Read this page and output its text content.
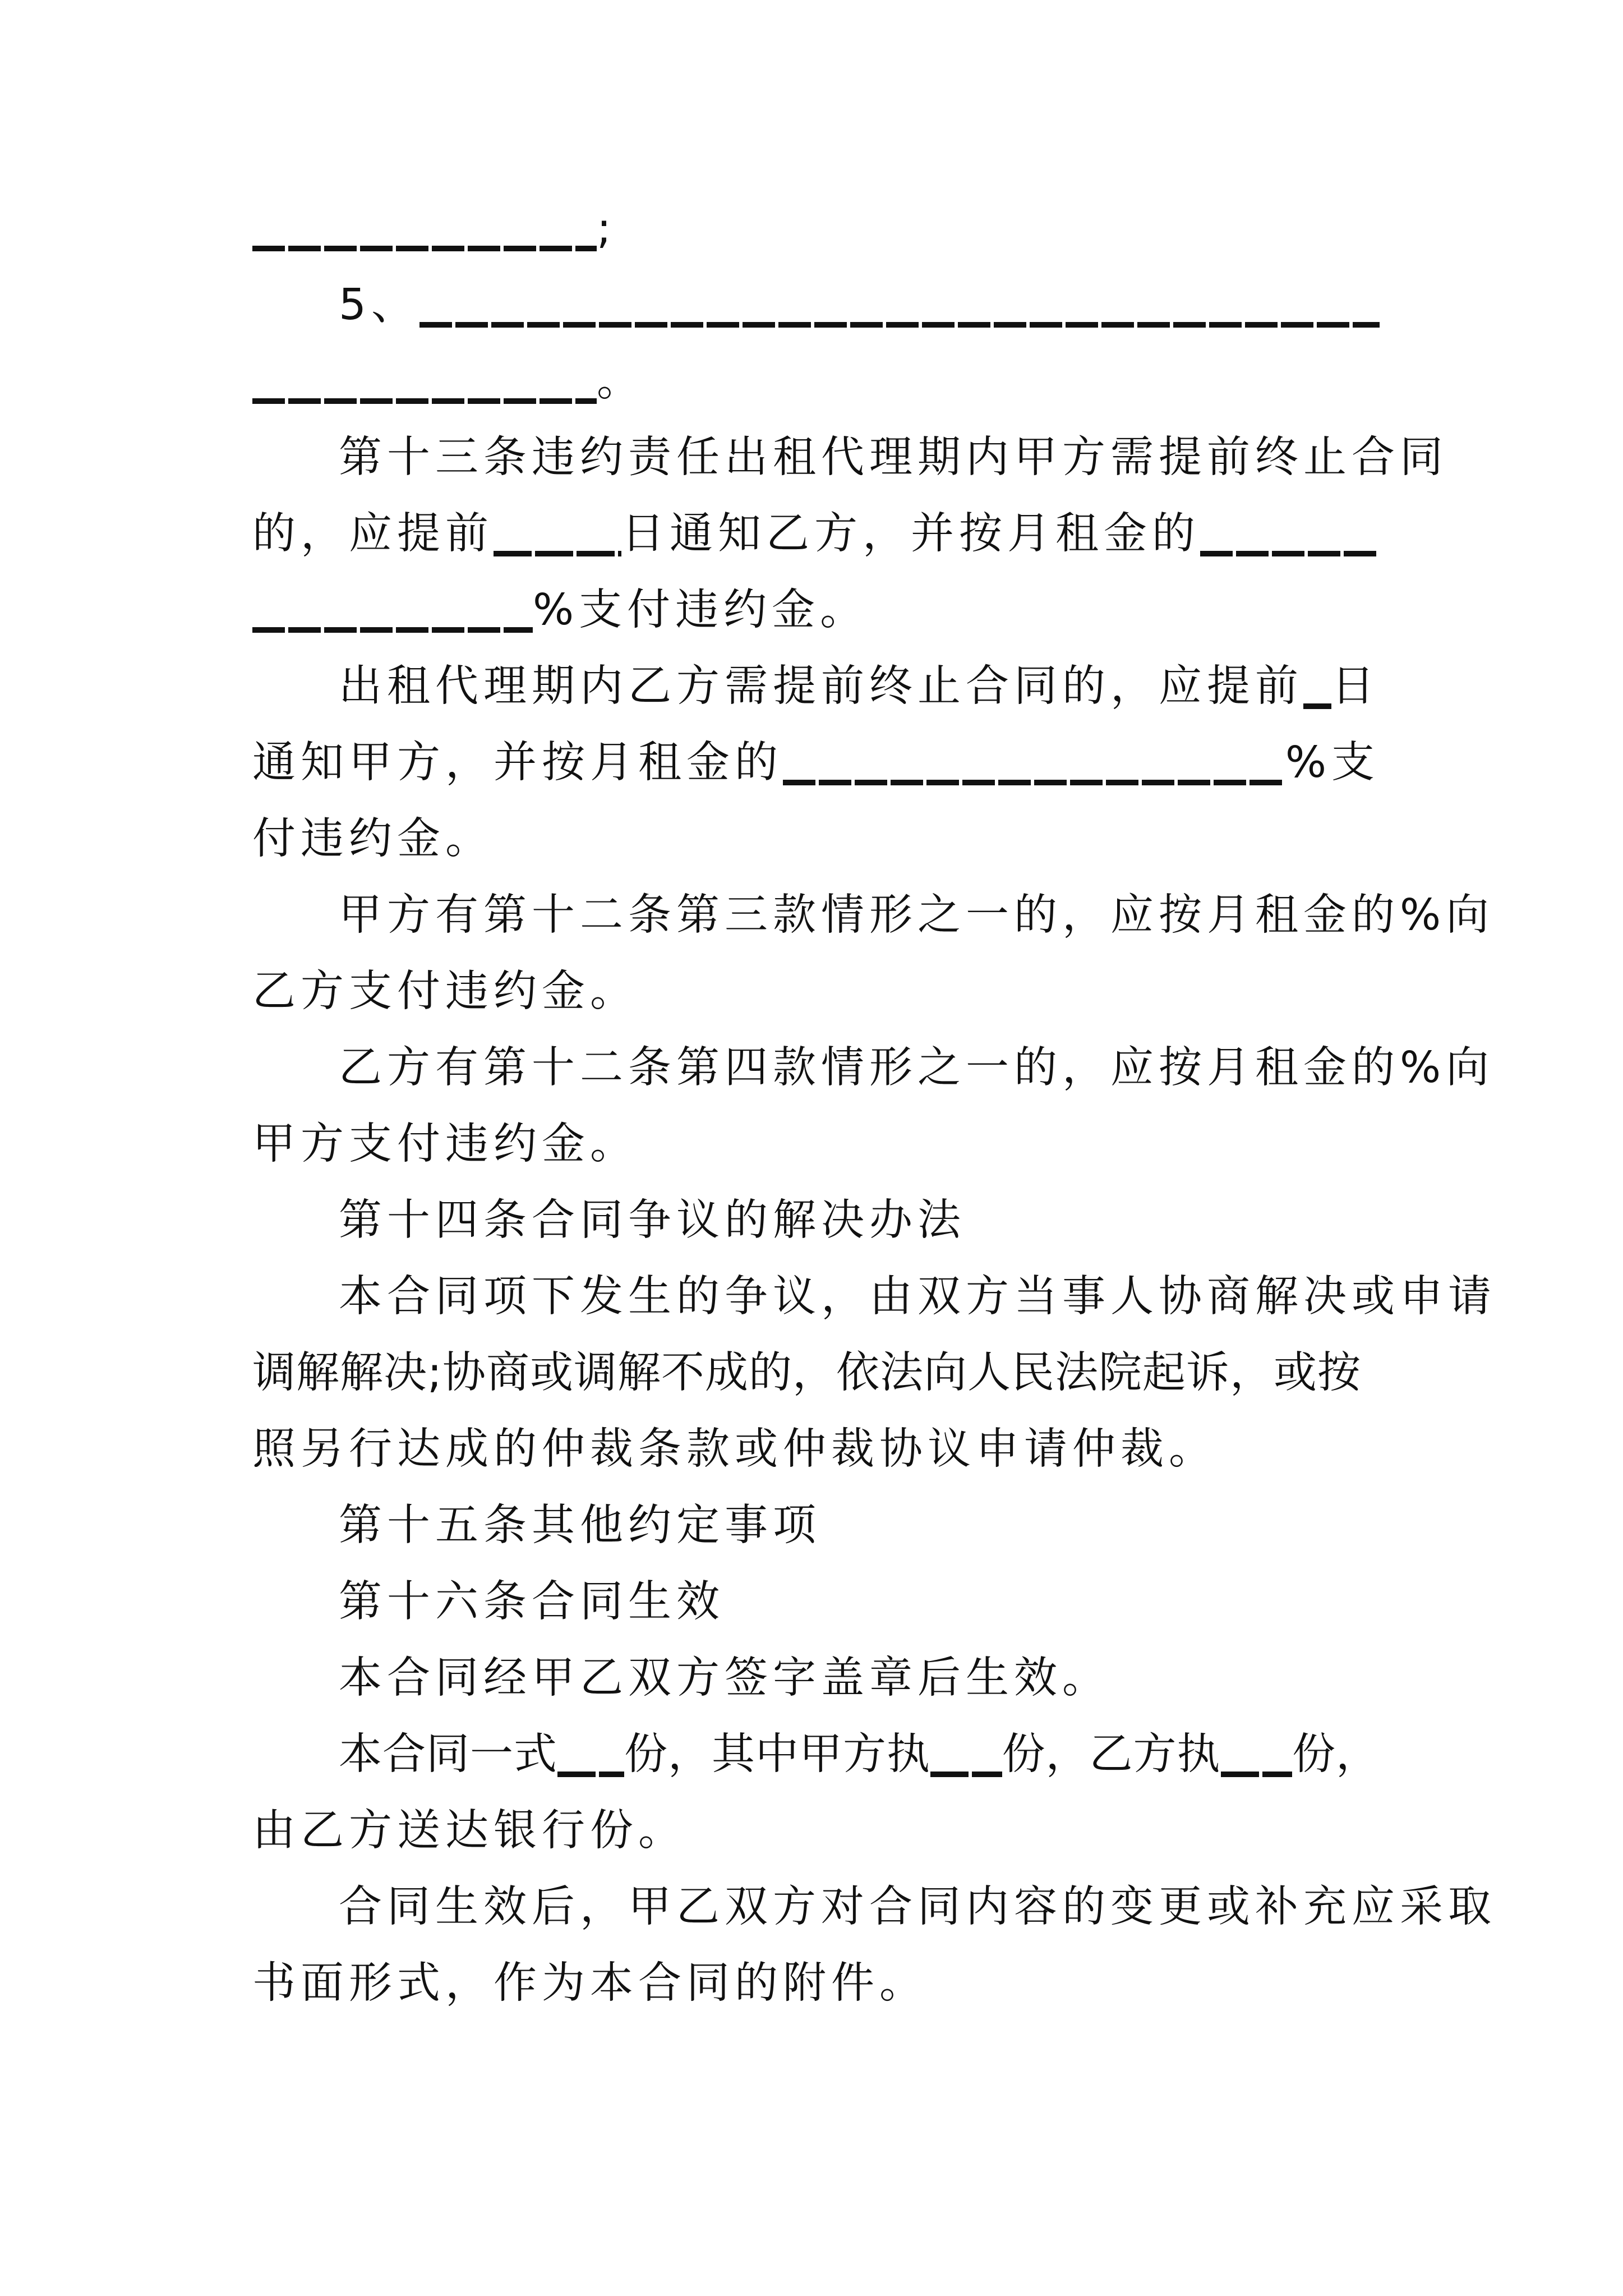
;
5、
。
第十三条违约责任出租代理期内甲方需提前终止合同
的，应提前	日通知乙方，并按月租金的
%支付违约金。
出租代理期内乙方需提前终止合同的，应提前 日
通知甲方，并按月租金的	%支
付违约金。
甲方有第十二条第三款情形之一的，应按月租金的%向
乙方支付违约金。
乙方有第十二条第四款情形之一的，应按月租金的%向
甲方支付违约金。
第十四条合同争议的解决办法
本合同项下发生的争议，由双方当事人协商解决或申请
调解解决;协商或调解不成的，依法向人民法院起诉，或按
照另行达成的仲裁条款或仲裁协议申请仲裁。
第十五条其他约定事项
第十六条合同生效
本合同经甲乙双方签字盖章后生效。
本合同一式 份，其中甲方执 份，乙方执 份，
由乙方送达银行份。
合同生效后，甲乙双方对合同内容的变更或补充应采取
书面形式，作为本合同的附件。
